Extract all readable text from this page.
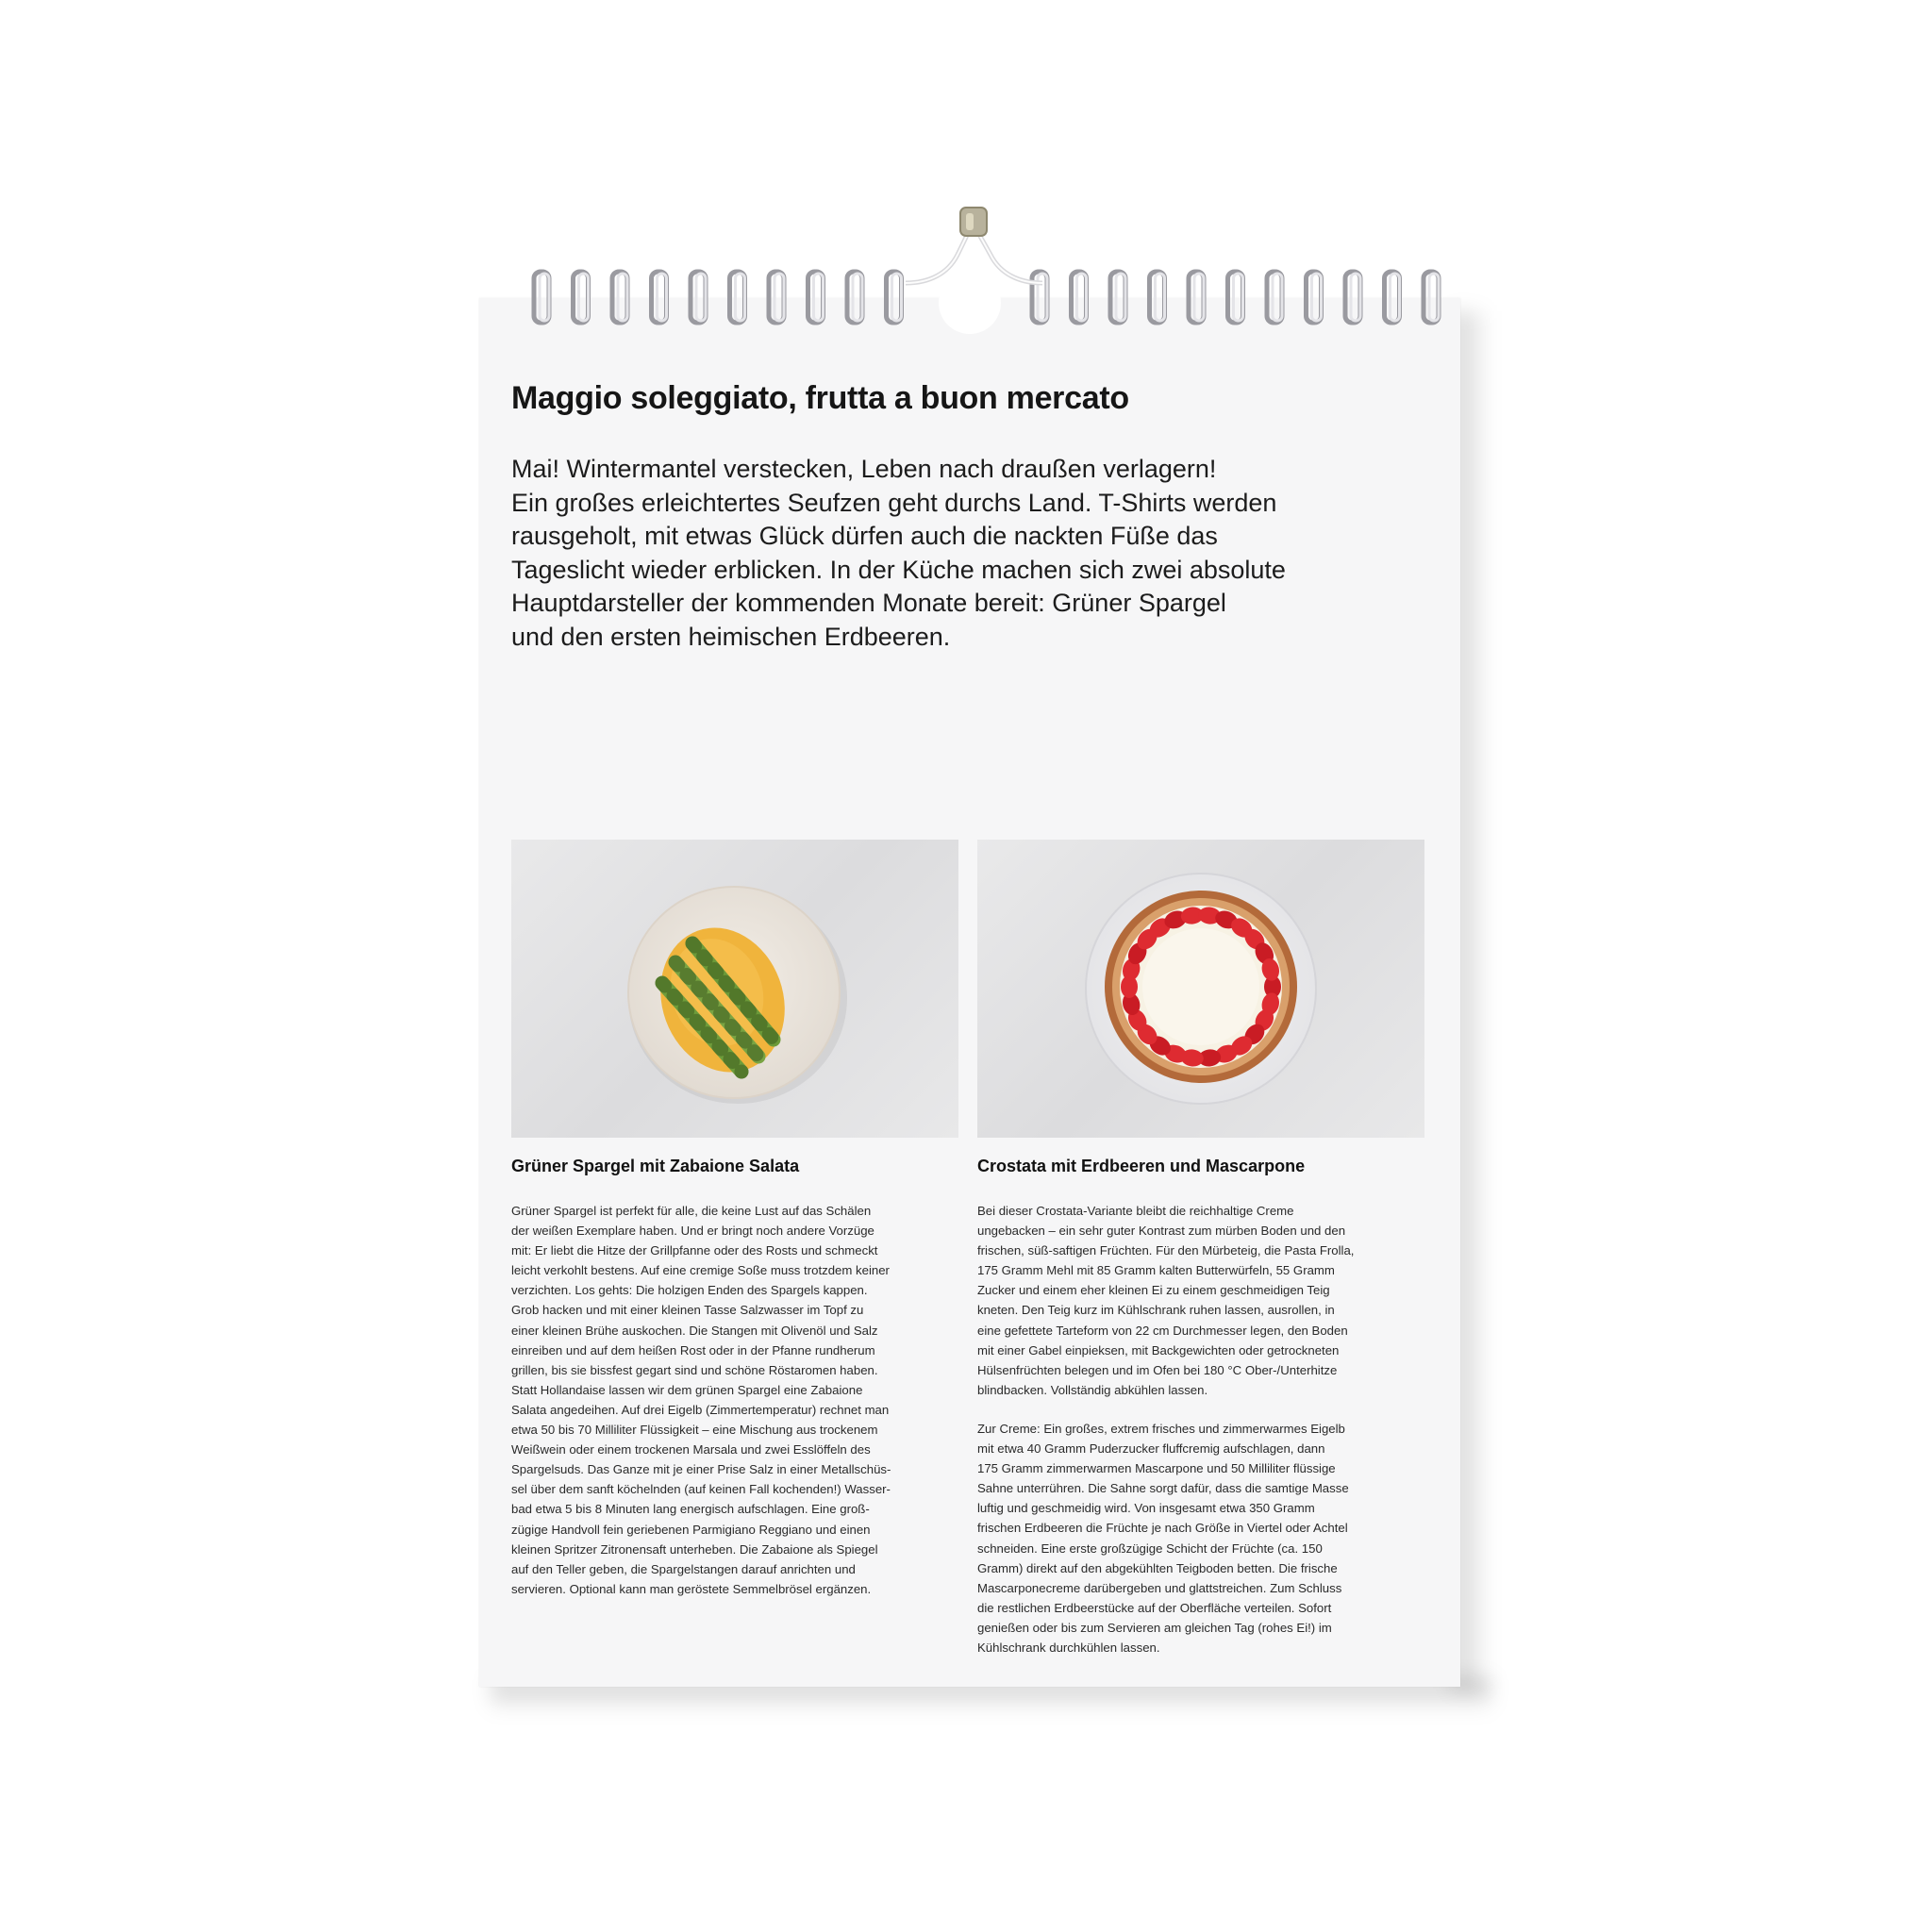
Maggio soleggiato, frutta a buon mercato

Mai! Wintermantel verstecken, Leben nach draußen verlagern!
Ein großes erleichtertes Seufzen geht durchs Land. T-Shirts werden
rausgeholt, mit etwas Glück dürfen auch die nackten Füße das
Tageslicht wieder erblicken. In der Küche machen sich zwei absolute
Hauptdarsteller der kommenden Monate bereit: Grüner Spargel
und den ersten heimischen Erdbeeren.

Grüner Spargel mit Zabaione Salata	Crostata mit Erdbeeren und Mascarpone

Grüner Spargel ist perfekt für alle, die keine Lust auf das Schälen
der weißen Exemplare haben. Und er bringt noch andere Vorzüge
mit: Er liebt die Hitze der Grillpfanne oder des Rosts und schmeckt
leicht verkohlt bestens. Auf eine cremige Soße muss trotzdem keiner
verzichten. Los gehts: Die holzigen Enden des Spargels kappen.
Grob hacken und mit einer kleinen Tasse Salzwasser im Topf zu
einer kleinen Brühe auskochen. Die Stangen mit Olivenöl und Salz
einreiben und auf dem heißen Rost oder in der Pfanne rundherum
grillen, bis sie bissfest gegart sind und schöne Röstaromen haben.
Statt Hollandaise lassen wir dem grünen Spargel eine Zabaione
Salata angedeihen. Auf drei Eigelb (Zimmertemperatur) rechnet man
etwa 50 bis 70 Milliliter Flüssigkeit – eine Mischung aus trockenem
Weißwein oder einem trockenen Marsala und zwei Esslöffeln des
Spargelsuds. Das Ganze mit je einer Prise Salz in einer Metallschüs-
sel über dem sanft köchelnden (auf keinen Fall kochenden!) Wasser-
bad etwa 5 bis 8 Minuten lang energisch aufschlagen. Eine groß-
zügige Handvoll fein geriebenen Parmigiano Reggiano und einen
kleinen Spritzer Zitronensaft unterheben. Die Zabaione als Spiegel
auf den Teller geben, die Spargelstangen darauf anrichten und
servieren. Optional kann man geröstete Semmelbrösel ergänzen.

Bei dieser Crostata-Variante bleibt die reichhaltige Creme
ungebacken – ein sehr guter Kontrast zum mürben Boden und den
frischen, süß-saftigen Früchten. Für den Mürbeteig, die Pasta Frolla,
175 Gramm Mehl mit 85 Gramm kalten Butterwürfeln, 55 Gramm
Zucker und einem eher kleinen Ei zu einem geschmeidigen Teig
kneten. Den Teig kurz im Kühlschrank ruhen lassen, ausrollen, in
eine gefettete Tarteform von 22 cm Durchmesser legen, den Boden
mit einer Gabel einpieksen, mit Backgewichten oder getrockneten
Hülsenfrüchten belegen und im Ofen bei 180 °C Ober-/Unterhitze
blindbacken. Vollständig abkühlen lassen.

Zur Creme: Ein großes, extrem frisches und zimmerwarmes Eigelb
mit etwa 40 Gramm Puderzucker fluffcremig aufschlagen, dann
175 Gramm zimmerwarmen Mascarpone und 50 Milliliter flüssige
Sahne unterrühren. Die Sahne sorgt dafür, dass die samtige Masse
luftig und geschmeidig wird. Von insgesamt etwa 350 Gramm
frischen Erdbeeren die Früchte je nach Größe in Viertel oder Achtel
schneiden. Eine erste großzügige Schicht der Früchte (ca. 150
Gramm) direkt auf den abgekühlten Teigboden betten. Die frische
Mascarponecreme darübergeben und glattstreichen. Zum Schluss
die restlichen Erdbeerstücke auf der Oberfläche verteilen. Sofort
genießen oder bis zum Servieren am gleichen Tag (rohes Ei!) im
Kühlschrank durchkühlen lassen.
